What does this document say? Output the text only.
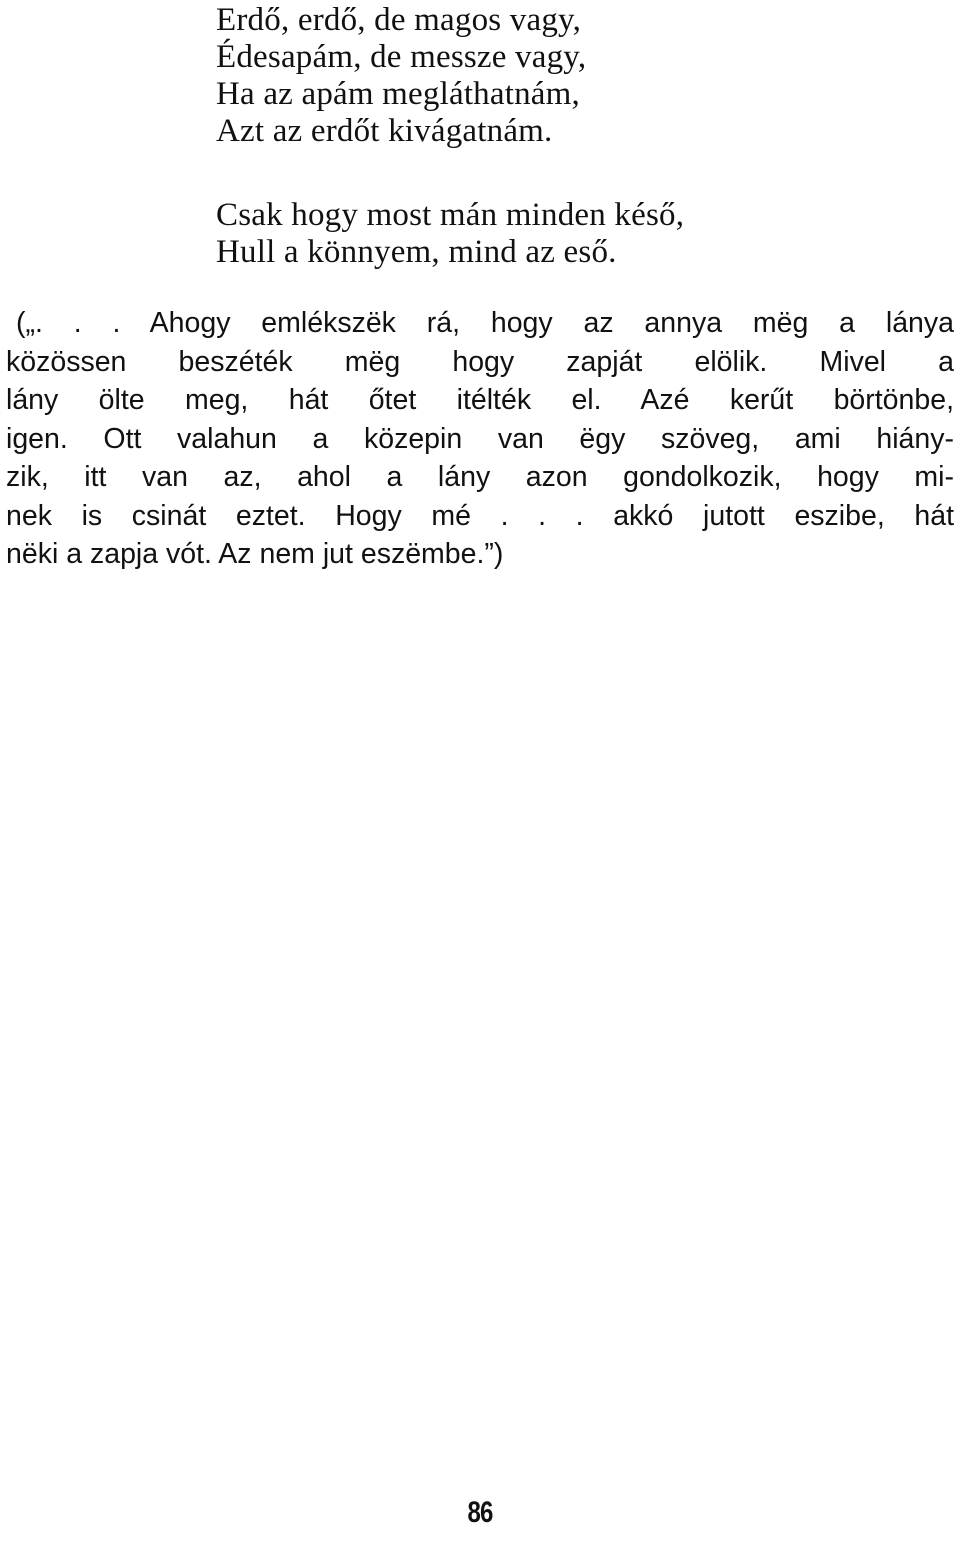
Erdő, erdő, de magos vagy,
Édesapám, de messze vagy,
Ha az apám megláthatnám,
Azt az erdőt kivágatnám.
Csak hogy most mán minden késő,
Hull a könnyem, mind az eső.
(„. . . Ahogy emlékszëk rá, hogy az annya mëg a lánya
közössen beszéték mëg hogy zapját elölik. Mivel a
lány ölte meg, hát őtet itélték el. Azé kerűt börtönbe,
igen. Ott valahun a közepin van ëgy szöveg, ami hiány-
zik, itt van az, ahol a lány azon gondolkozik, hogy mi-
nek is csinát eztet. Hogy mé . . . akkó jutott eszibe, hát
nëki a zapja vót. Az nem jut eszëmbe.”)
86
